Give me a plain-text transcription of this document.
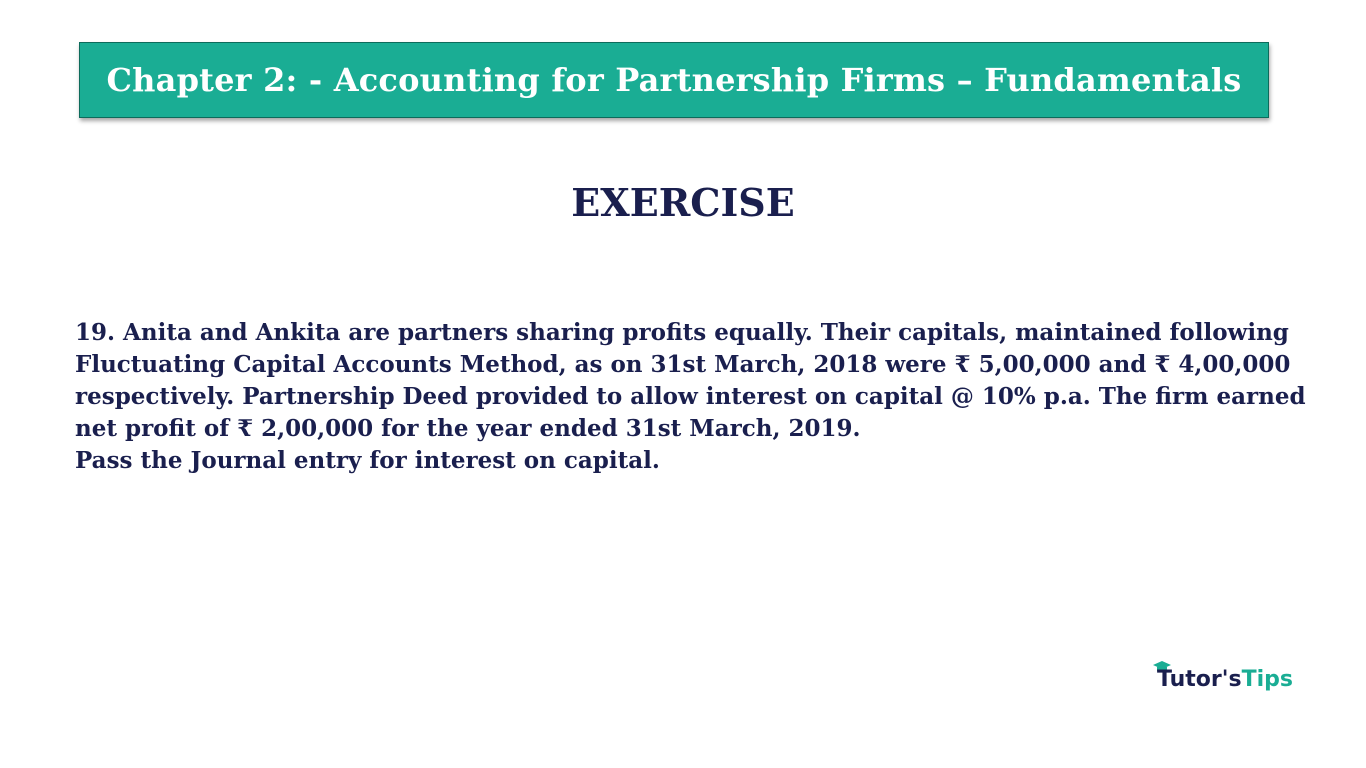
Chapter 2: - Accounting for Partnership Firms – Fundamentals
EXERCISE
19. Anita and Ankita are partners sharing profits equally. Their capitals, maintained following
Fluctuating Capital Accounts Method, as on 31st March, 2018 were ₹ 5,00,000 and ₹ 4,00,000
respectively. Partnership Deed provided to allow interest on capital @ 10% p.a. The firm earned
net profit of ₹ 2,00,000 for the year ended 31st March, 2019.
Pass the Journal entry for interest on capital.
Tutor'sTips
